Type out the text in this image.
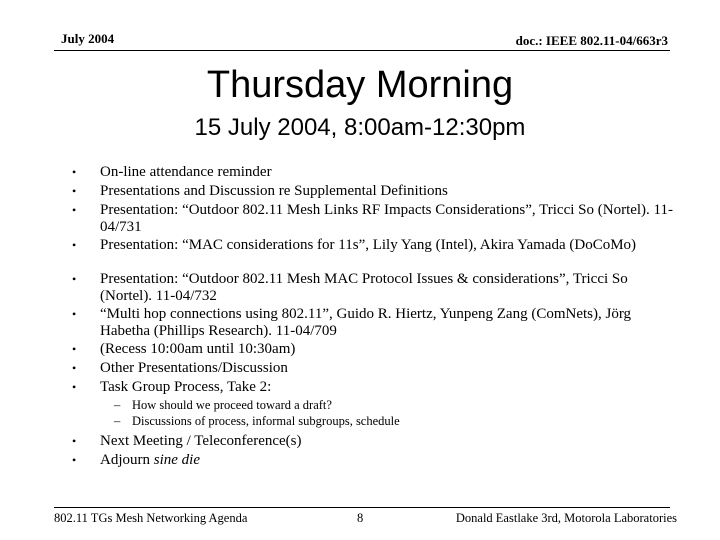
July 2004	doc.: IEEE 802.11-04/663r3
Thursday Morning
15 July 2004, 8:00am-12:30pm
• On-line attendance reminder
• Presentations and Discussion re Supplemental Definitions
• Presentation: “Outdoor 802.11 Mesh Links RF Impacts Considerations”, Tricci So (Nortel). 11-04/731
• Presentation: “MAC considerations for 11s”, Lily Yang (Intel), Akira Yamada (DoCoMo)
• Presentation: “Outdoor 802.11 Mesh MAC Protocol Issues & considerations”, Tricci So (Nortel). 11-04/732
• “Multi hop connections using 802.11”, Guido R. Hiertz, Yunpeng Zang (ComNets), Jörg Habetha (Phillips Research). 11-04/709
• (Recess 10:00am until 10:30am)
• Other Presentations/Discussion
• Task Group Process, Take 2:
– How should we proceed toward a draft?
– Discussions of process, informal subgroups, schedule
• Next Meeting / Teleconference(s)
• Adjourn sine die
802.11 TGs Mesh Networking Agenda	8	Donald Eastlake 3rd, Motorola Laboratories
